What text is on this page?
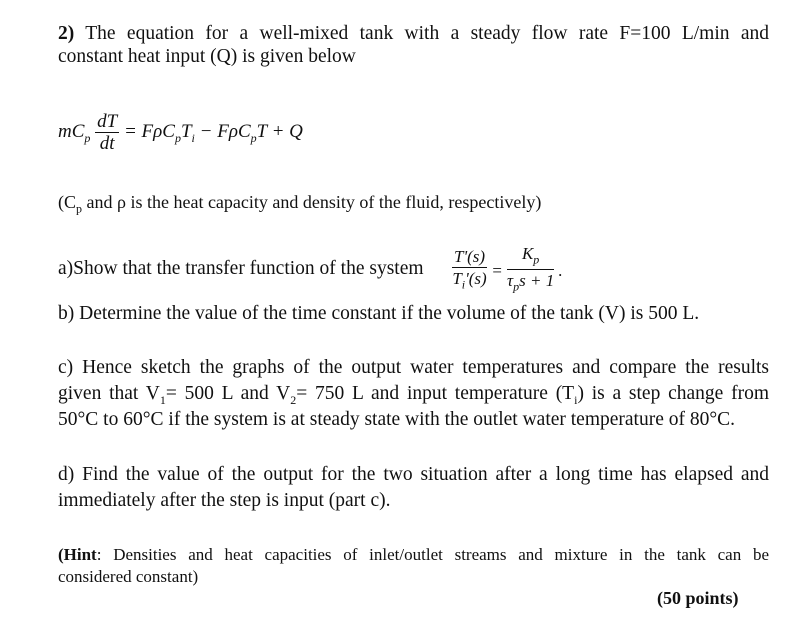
2) The equation for a well-mixed tank with a steady flow rate F=100 L/min and
constant heat input (Q) is given below
$mC_p \frac{dT}{dt} = F\rho C_pT_i - F\rho C_pT + Q$
($C_p$ and ρ is the heat capacity and density of the fluid, respectively)
a)Show that the transfer function of the system $\frac{T'(s)}{T_i'(s)} = \frac{K_p}{\tau_ps + 1}$ .
b) Determine the value of the time constant if the volume of the tank (V) is 500 L.
c) Hence sketch the graphs of the output water temperatures and compare the results
given that $V_1= 500$ L and $V_2= 750$ L and input temperature $(T_i)$ is a step change from
50°C to 60°C if the system is at steady state with the outlet water temperature of 80°C.
d) Find the value of the output for the two situation after a long time has elapsed and
immediately after the step is input (part c).
(Hint: Densities and heat capacities of inlet/outlet streams and mixture in the tank can be
considered constant)
(50 points)
